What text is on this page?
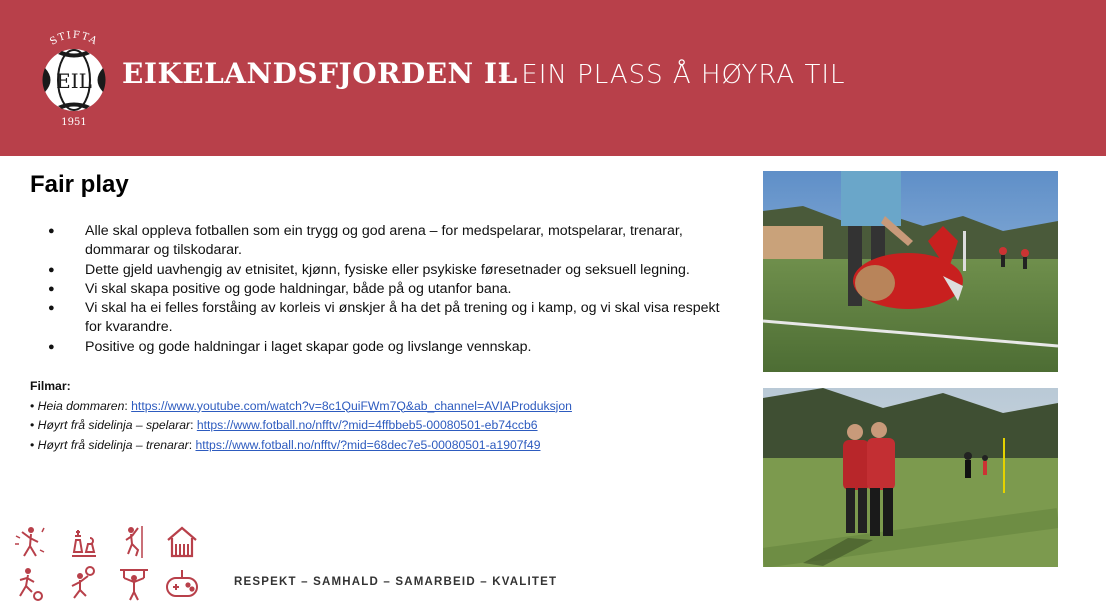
STIFTA
EIL
1951
EIKELANDSFJORDEN IL
– EIN PLASS Å HØYRA TIL
Fair play
● Alle skal oppleva fotballen som ein trygg og god arena – for medspelarar, motspelarar, trenarar, dommarar og tilskodarar.
● Dette gjeld uavhengig av etnisitet, kjønn, fysiske eller psykiske føresetnader og seksuell legning.
● Vi skal skapa positive og gode haldningar, både på og utanfor bana.
● Vi skal ha ei felles forståing av korleis vi ønskjer å ha det på trening og i kamp, og vi skal visa respekt for kvarandre.
● Positive og gode haldningar i laget skapar gode og livslange vennskap.
Filmar:
• Heia dommaren: https://www.youtube.com/watch?v=8c1QuiFWm7Q&ab_channel=AVIAProduksjon
• Høyrt frå sidelinja – spelarar: https://www.fotball.no/nfftv/?mid=4ffbbeb5-00080501-eb74ccb6
• Høyrt frå sidelinja – trenarar: https://www.fotball.no/nfftv/?mid=68dec7e5-00080501-a1907f49
RESPEKT – SAMHALD – SAMARBEID – KVALITET
